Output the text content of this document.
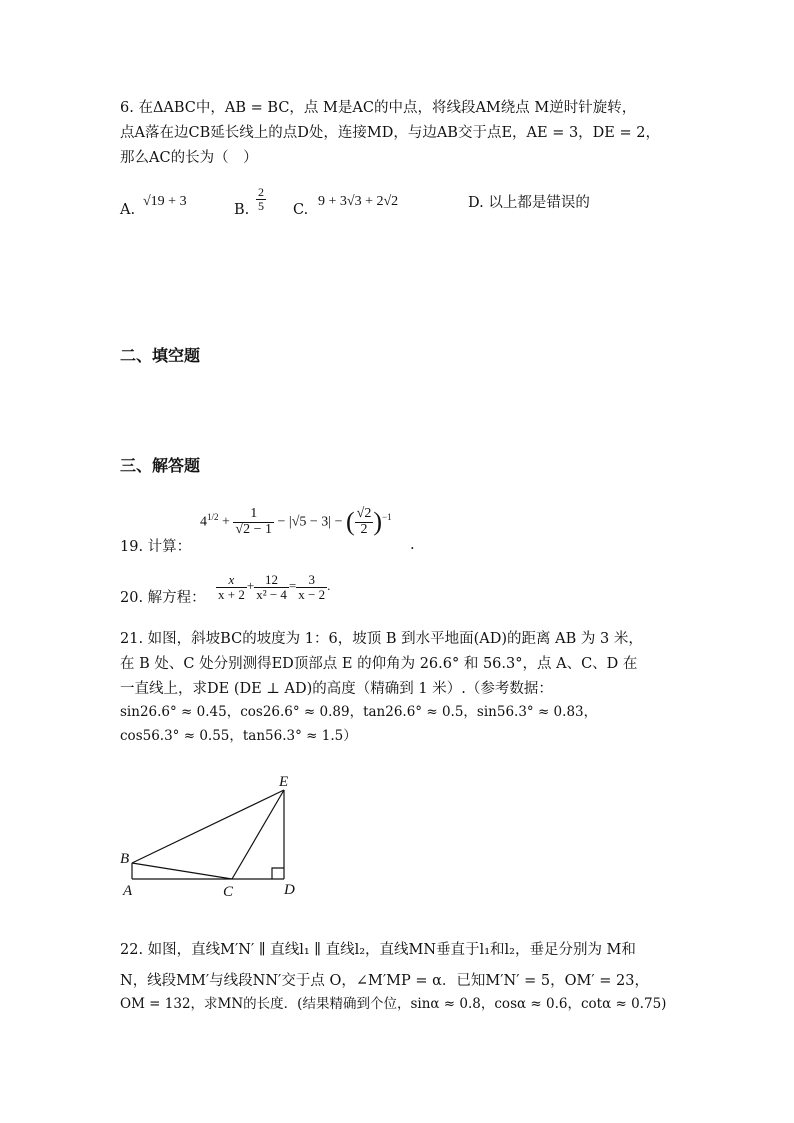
6. 在ΔABC中，AB = BC，点 M是AC的中点，将线段AM绕点 M逆时针旋转，
点A落在边CB延长线上的点D处，连接MD，与边AB交于点E，AE = 3，DE = 2，
那么AC的长为（　）
A.
√19 + 3
B. $\frac{2}{5} C$.
9 + 3√3 + 2√2	D. 以上都是错误的
二、填空题
三、解答题
19. 计算：
$4^{1/2} + \frac{1}{√2 - 1} - |√5 - 3|$ − ( $\frac{√2}{2} )^{-1}$
.
20. 解方程： $\frac{x}{x + 2} + \frac{12}{\text{x² − 4}} = \frac{3}{x - 2}$ .
21. 如图，斜坡BC的坡度为 1：6，坡顶 B 到水平地面(AD)的距离 AB 为 3 米，
在 B 处、C 处分别测得ED顶部点 E 的仰角为 26.6° 和 56.3°，点 A、C、D 在
一直线上，求DE (DE ⊥ AD)的高度（精确到 1 米）.（参考数据：
sin26.6° ≈ 0.45，cos26.6° ≈ 0.89，tan26.6° ≈ 0.5，sin56.3° ≈ 0.83，
cos56.3° ≈ 0.55，tan56.3° ≈ 1.5）
E
B
A	C	D
22. 如图，直线M′N′ ∥ 直线l₁ ∥ 直线l₂，直线MN垂直于l₁和l₂，垂足分别为 M和
N，线段MM′与线段NN′交于点 O，∠M′MP = α．已知M′N′ = 5，OM′ = 23，
OM = 132，求MN的长度．(结果精确到个位，sinα ≈ 0.8，cosα ≈ 0.6，cotα ≈ 0.75)
